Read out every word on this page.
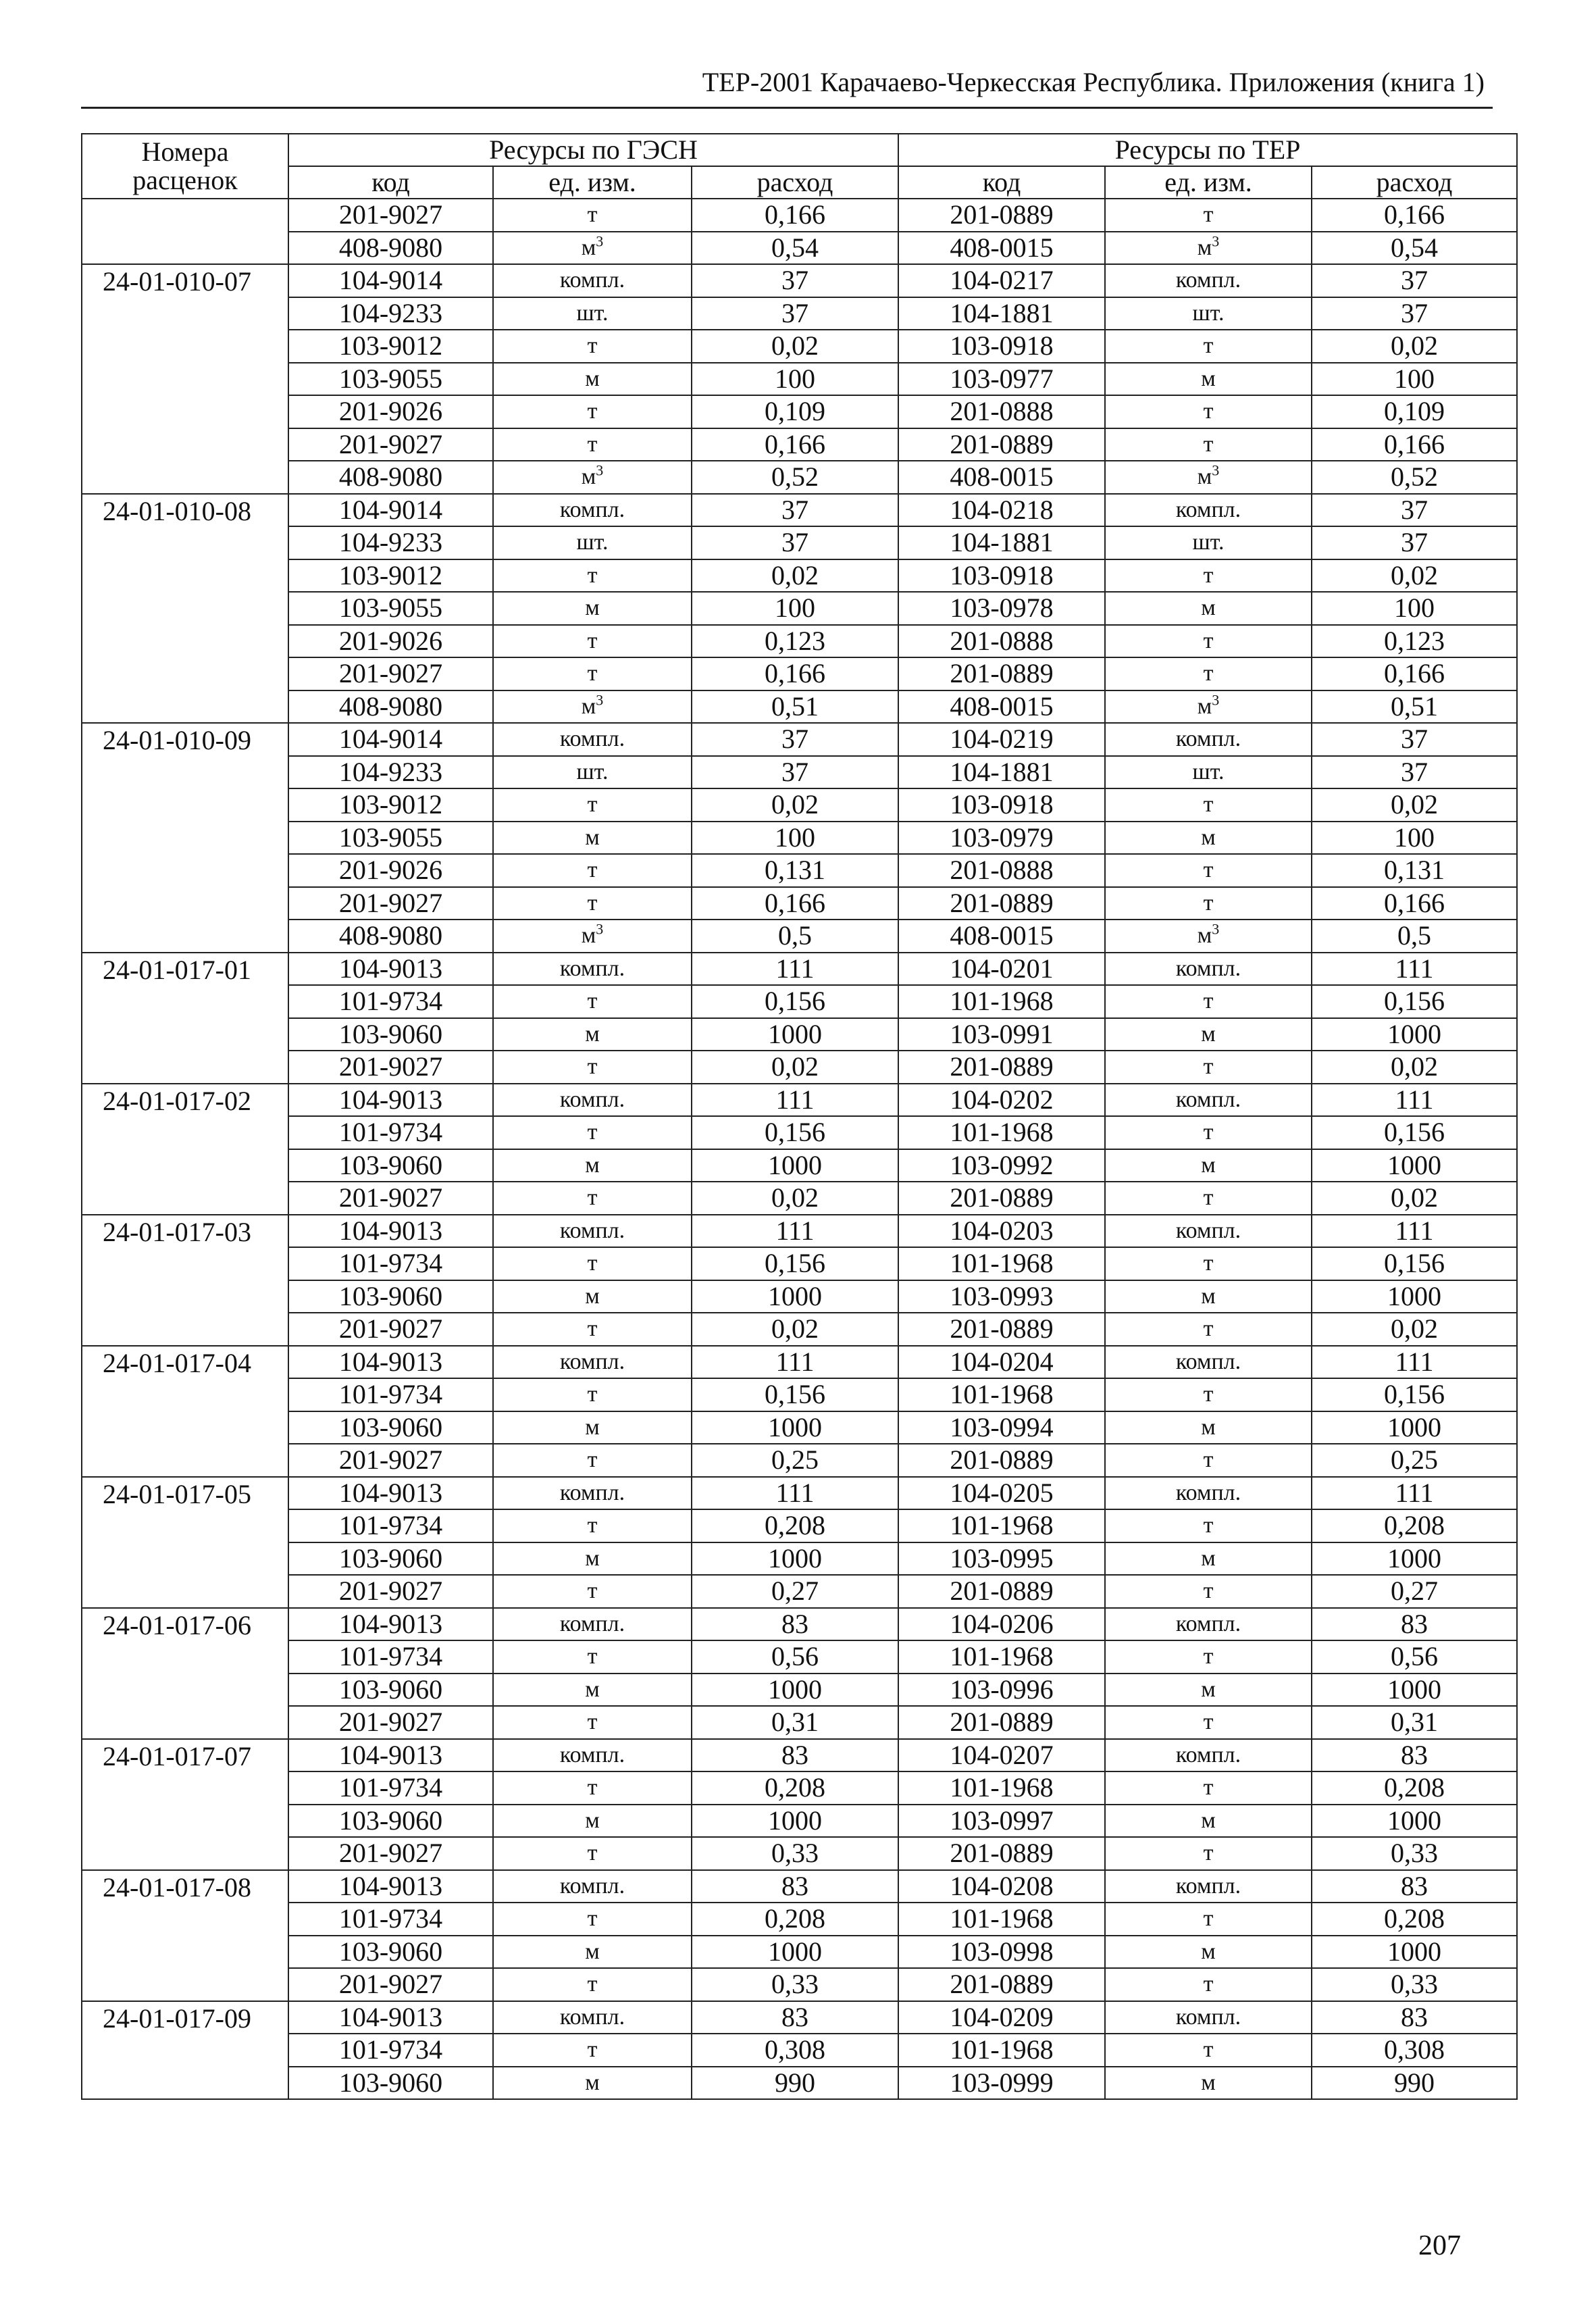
ТЕР-2001 Карачаево-Черкесская Республика. Приложения (книга 1)
Номера
расценок	Ресурсы по ГЭСН			Ресурсы по ТЕР		
	код	ед. изм.	расход	код	ед. изм.	расход
	201-9027	т	0,166	201-0889	т	0,166
	408-9080	$м^3$	0,54	408-0015	$м^3$	0,54
24-01-010-07	104-9014	компл.	37	104-0217	компл.	37
	104-9233	шт.	37	104-1881	шт.	37
	103-9012	т	0,02	103-0918	т	0,02
	103-9055	м	100	103-0977	м	100
	201-9026	т	0,109	201-0888	т	0,109
	201-9027	т	0,166	201-0889	т	0,166
	408-9080	$м^3$	0,52	408-0015	$м^3$	0,52
24-01-010-08	104-9014	компл.	37	104-0218	компл.	37
	104-9233	шт.	37	104-1881	шт.	37
	103-9012	т	0,02	103-0918	т	0,02
	103-9055	м	100	103-0978	м	100
	201-9026	т	0,123	201-0888	т	0,123
	201-9027	т	0,166	201-0889	т	0,166
	408-9080	$м^3$	0,51	408-0015	$м^3$	0,51
24-01-010-09	104-9014	компл.	37	104-0219	компл.	37
	104-9233	шт.	37	104-1881	шт.	37
	103-9012	т	0,02	103-0918	т	0,02
	103-9055	м	100	103-0979	м	100
	201-9026	т	0,131	201-0888	т	0,131
	201-9027	т	0,166	201-0889	т	0,166
	408-9080	$м^3$	0,5	408-0015	$м^3$	0,5
24-01-017-01	104-9013	компл.	111	104-0201	компл.	111
	101-9734	т	0,156	101-1968	т	0,156
	103-9060	м	1000	103-0991	м	1000
	201-9027	т	0,02	201-0889	т	0,02
24-01-017-02	104-9013	компл.	111	104-0202	компл.	111
	101-9734	т	0,156	101-1968	т	0,156
	103-9060	м	1000	103-0992	м	1000
	201-9027	т	0,02	201-0889	т	0,02
24-01-017-03	104-9013	компл.	111	104-0203	компл.	111
	101-9734	т	0,156	101-1968	т	0,156
	103-9060	м	1000	103-0993	м	1000
	201-9027	т	0,02	201-0889	т	0,02
24-01-017-04	104-9013	компл.	111	104-0204	компл.	111
	101-9734	т	0,156	101-1968	т	0,156
	103-9060	м	1000	103-0994	м	1000
	201-9027	т	0,25	201-0889	т	0,25
24-01-017-05	104-9013	компл.	111	104-0205	компл.	111
	101-9734	т	0,208	101-1968	т	0,208
	103-9060	м	1000	103-0995	м	1000
	201-9027	т	0,27	201-0889	т	0,27
24-01-017-06	104-9013	компл.	83	104-0206	компл.	83
	101-9734	т	0,56	101-1968	т	0,56
	103-9060	м	1000	103-0996	м	1000
	201-9027	т	0,31	201-0889	т	0,31
24-01-017-07	104-9013	компл.	83	104-0207	компл.	83
	101-9734	т	0,208	101-1968	т	0,208
	103-9060	м	1000	103-0997	м	1000
	201-9027	т	0,33	201-0889	т	0,33
24-01-017-08	104-9013	компл.	83	104-0208	компл.	83
	101-9734	т	0,208	101-1968	т	0,208
	103-9060	м	1000	103-0998	м	1000
	201-9027	т	0,33	201-0889	т	0,33
24-01-017-09	104-9013	компл.	83	104-0209	компл.	83
	101-9734	т	0,308	101-1968	т	0,308
	103-9060	м	990	103-0999	м	990
207
